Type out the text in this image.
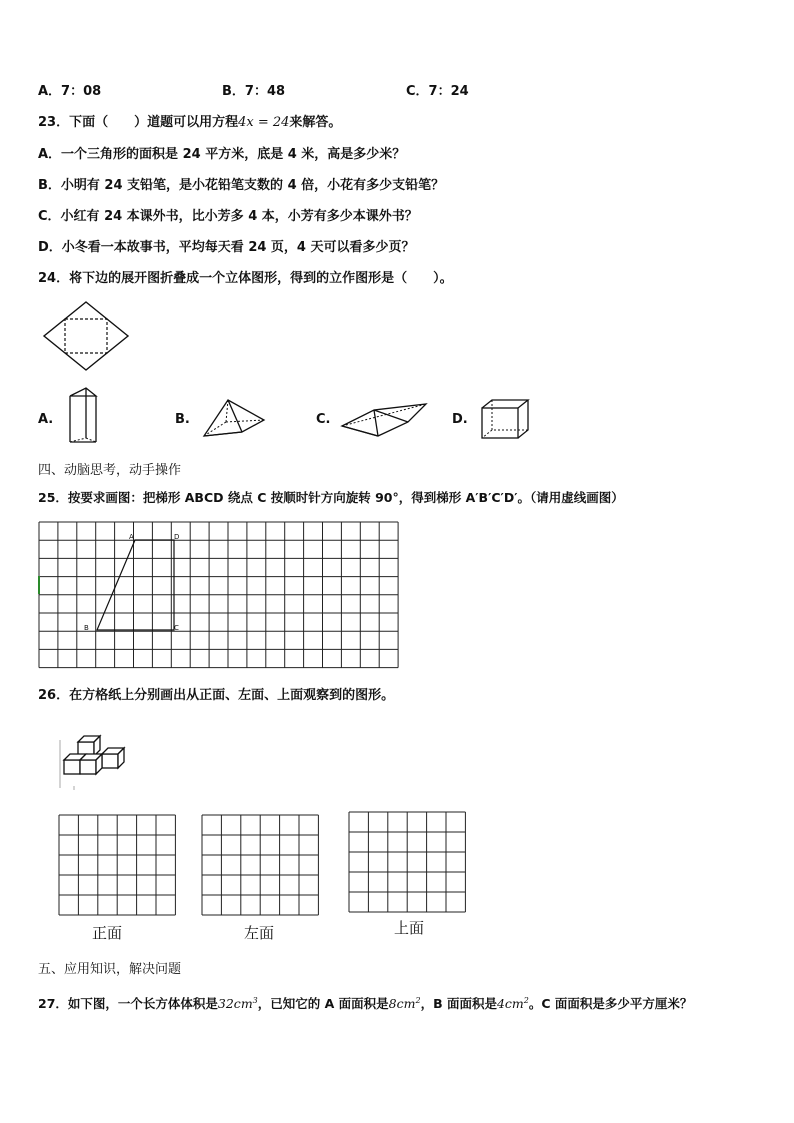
A．7：08	B．7：48	C．7：24
23．下面（　　）道题可以用方程4x = 24来解答。
A．一个三角形的面积是 24 平方米，底是 4 米，高是多少米？
B．小明有 24 支铅笔，是小花铅笔支数的 4 倍，小花有多少支铅笔？
C．小红有 24 本课外书，比小芳多 4 本，小芳有多少本课外书？
D．小冬看一本故事书，平均每天看 24 页，4 天可以看多少页？
24．将下边的展开图折叠成一个立体图形，得到的立作图形是（　　）。
A.	B.	C.	D.
四、动脑思考，动手操作
25．按要求画图：把梯形 ABCD 绕点 C 按顺时针方向旋转 90°，得到梯形 A′B′C′D′。（请用虚线画图）
A	D
B	C
26．在方格纸上分别画出从正面、左面、上面观察到的图形。
正面	左面	上面
五、应用知识，解决问题
27．如下图，一个长方体体积是$32cm^3$，已知它的 A 面面积是$8cm^2$，B 面面积是$4cm^2$。C 面面积是多少平方厘米？
